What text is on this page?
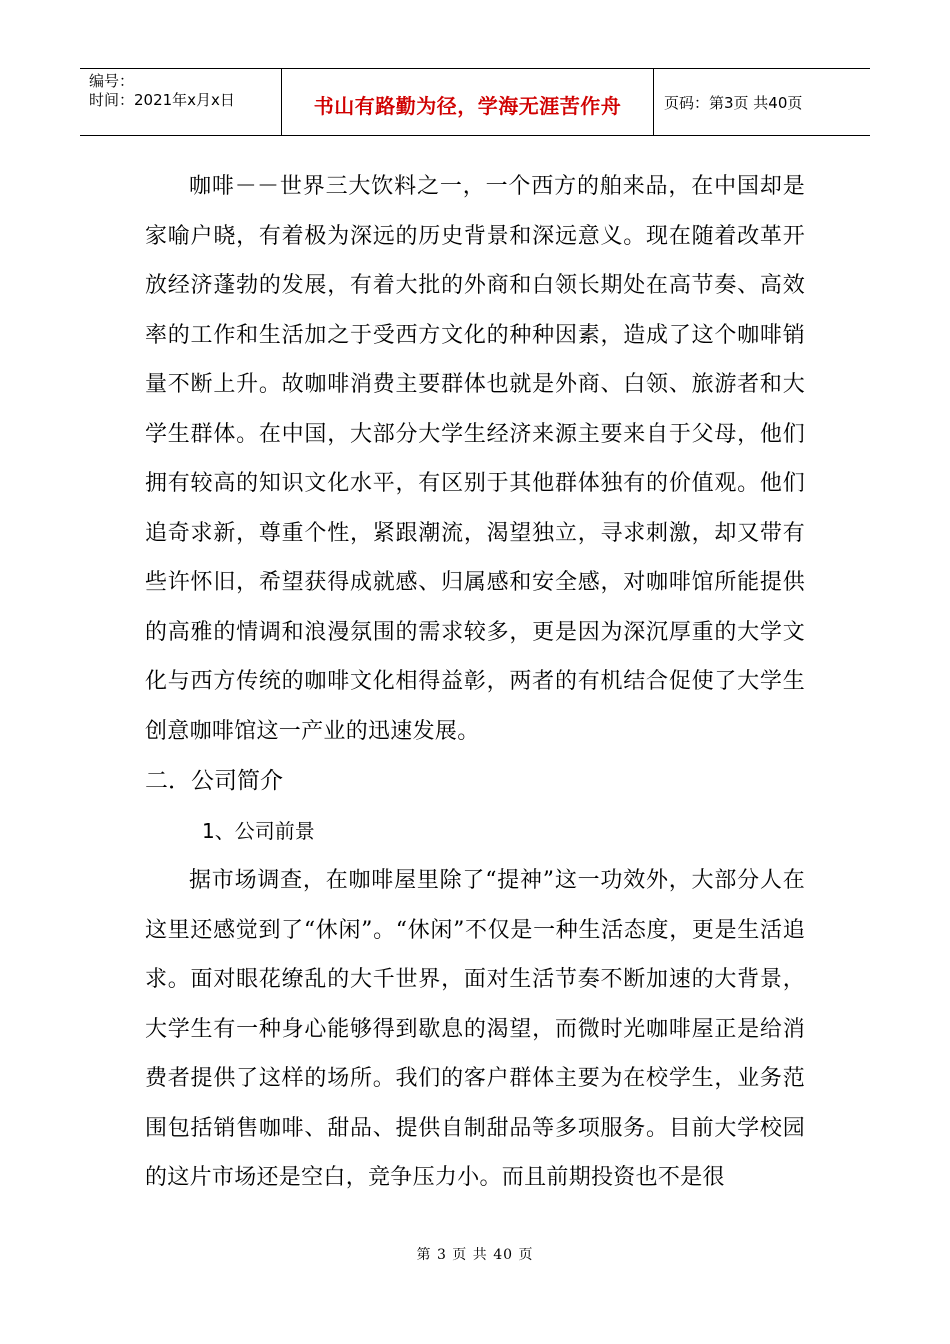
编号：
时间：2021年x月x日	书山有路勤为径，学海无涯苦作舟	页码：第3页 共40页

咖啡－－世界三大饮料之一，一个西方的舶来品，在中国却是家喻户晓，有着极为深远的历史背景和深远意义。现在随着改革开放经济蓬勃的发展，有着大批的外商和白领长期处在高节奏、高效率的工作和生活加之于受西方文化的种种因素，造成了这个咖啡销量不断上升。故咖啡消费主要群体也就是外商、白领、旅游者和大学生群体。在中国，大部分大学生经济来源主要来自于父母，他们拥有较高的知识文化水平，有区别于其他群体独有的价值观。他们追奇求新，尊重个性，紧跟潮流，渴望独立，寻求刺激，却又带有些许怀旧，希望获得成就感、归属感和安全感，对咖啡馆所能提供的高雅的情调和浪漫氛围的需求较多，更是因为深沉厚重的大学文化与西方传统的咖啡文化相得益彰，两者的有机结合促使了大学生创意咖啡馆这一产业的迅速发展。

二．公司简介
1、公司前景

据市场调查，在咖啡屋里除了“提神”这一功效外，大部分人在这里还感觉到了“休闲”。“休闲”不仅是一种生活态度，更是生活追求。面对眼花缭乱的大千世界，面对生活节奏不断加速的大背景，大学生有一种身心能够得到歇息的渴望，而微时光咖啡屋正是给消费者提供了这样的场所。我们的客户群体主要为在校学生，业务范围包括销售咖啡、甜品、提供自制甜品等多项服务。目前大学校园的这片市场还是空白，竞争压力小。而且前期投资也不是很

第 3 页 共 40 页
